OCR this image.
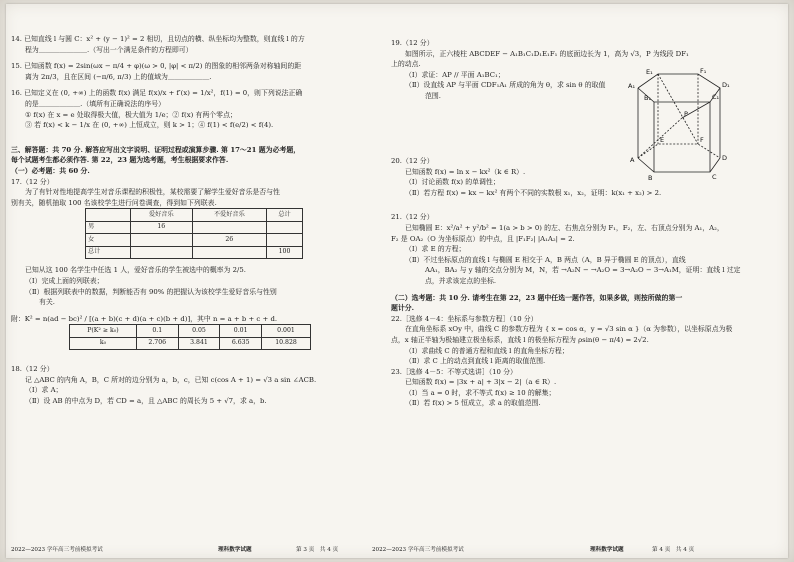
14. 已知直线 l 与圆 C：x² + (y − 1)² = 2 相切，且切点的横、纵坐标均为整数，则直线 l 的方

程为＿＿＿＿＿＿＿.（写出一个满足条件的方程即可）

15. 已知函数 f(x) = 2sin(ωx − π/4 + φ)(ω > 0, |φ| < π/2) 的图象的相邻两条对称轴间的距

离为 2π/3，且在区间 (−π/6, π/3) 上的值域为＿＿＿＿＿＿.

16. 已知定义在 (0, +∞) 上的函数 f(x) 满足 f(x)/x + f′(x) = 1/x²，f(1) = 0，则下列说法正确

的是＿＿＿＿＿＿.（填所有正确说法的序号）

① f(x) 在 x = e 处取得极大值，极大值为 1/e；② f(x) 有两个零点；

③ 若 f(x) < k − 1/x 在 (0, +∞) 上恒成立，则 k > 1；④ f(1) < f(e/2) < f(4).

三、解答题：共 70 分. 解答应写出文字说明、证明过程或演算步骤. 第 17～21 题为必考题，

每个试题考生都必须作答. 第 22，23 题为选考题，考生根据要求作答.

（一）必考题：共 60 分.

17.（12 分）

为了有针对性地提高学生对音乐课程的积极性，某校需要了解学生爱好音乐是否与性

别有关，随机抽取 100 名该校学生进行问卷调查，得到如下列联表.

	爱好音乐	不爱好音乐	总计
男	16		
女		26	
总计			100

已知从这 100 名学生中任选 1 人，爱好音乐的学生被选中的概率为 2/5.

（Ⅰ）完成上面的列联表；

（Ⅱ）根据列联表中的数据，判断能否有 90% 的把握认为该校学生爱好音乐与性别

有关.

附：K² = n(ad − bc)² / [(a + b)(c + d)(a + c)(b + d)]，其中 n = a + b + c + d.

P(K² ≥ k₀)	0.1	0.05	0.01	0.001
k₀	2.706	3.841	6.635	10.828

18.（12 分）

记 △ABC 的内角 A，B，C 所对的边分别为 a，b，c，已知 c(cos A + 1) = √3 a sin ∠ACB.

（Ⅰ）求 A；

（Ⅱ）设 AB 的中点为 D，若 CD = a，且 △ABC 的周长为 5 + √7，求 a，b.

19.（12 分）

如图所示，正六棱柱 ABCDEF − A₁B₁C₁D₁E₁F₁ 的底面边长为 1，高为 √3，P 为线段 DF₁

上的动点.

（Ⅰ）求证：AP // 平面 A₁BC₁；

（Ⅱ）设直线 AP 与平面 CDF₁A₁ 所成的角为 θ，求 sin θ 的取值

范围.

E₁	F₁
D₁
C₁
A₁
B₁
P
E
D
F
C
A
B

20.（12 分）

已知函数 f(x) = ln x − kx²（k ∈ R）.

（Ⅰ）讨论函数 f(x) 的单调性；

（Ⅱ）若方程 f(x) = kx − kx² 有两个不同的实数根 x₁，x₂，证明：k(x₁ + x₂) > 2.

21.（12 分）

已知椭圆 E：x²/a² + y²/b² = 1(a > b > 0) 的左、右焦点分别为 F₁，F₂，左、右顶点分别为 A₁，A₂，

F₂ 是 OA₂（O 为坐标原点）的中点，且 |F₁F₂| |A₁A₂| = 2.

（Ⅰ）求 E 的方程；

（Ⅱ）不过坐标原点的直线 l 与椭圆 E 相交于 A，B 两点（A，B 异于椭圆 E 的顶点），直线

AA₁，BA₂ 与 y 轴的交点分别为 M，N，若 →A₂N − →A₂O = 3→A₂O − 3→A₁M，证明：直线 l 过定

点，并求该定点的坐标.

（二）选考题：共 10 分. 请考生在第 22，23 题中任选一题作答，如果多做，则按所做的第一

题计分.

22.［选修 4－4：坐标系与参数方程］（10 分）

在直角坐标系 xOy 中，曲线 C 的参数方程为 { x = cos α，y = √3 sin α }（α 为参数），以坐标原点为极

点，x 轴正半轴为极轴建立极坐标系，直线 l 的极坐标方程为 ρsin(θ − π/4) = 2√2.

（Ⅰ）求曲线 C 的普通方程和直线 l 的直角坐标方程；

（Ⅱ）求 C 上的动点到直线 l 距离的取值范围.

23.［选修 4－5：不等式选讲］（10 分）

已知函数 f(x) = |3x + a| + 3|x − 2|（a ∈ R）.

（Ⅰ）当 a = 0 时，求不等式 f(x) ≥ 10 的解集；

（Ⅱ）若 f(x) > 5 恒成立，求 a 的取值范围.

2022—2023 学年高三考前模拟考试	理科数学试题	第 3 页　共 4 页	2022—2023 学年高三考前模拟考试	理科数学试题	第 4 页　共 4 页
